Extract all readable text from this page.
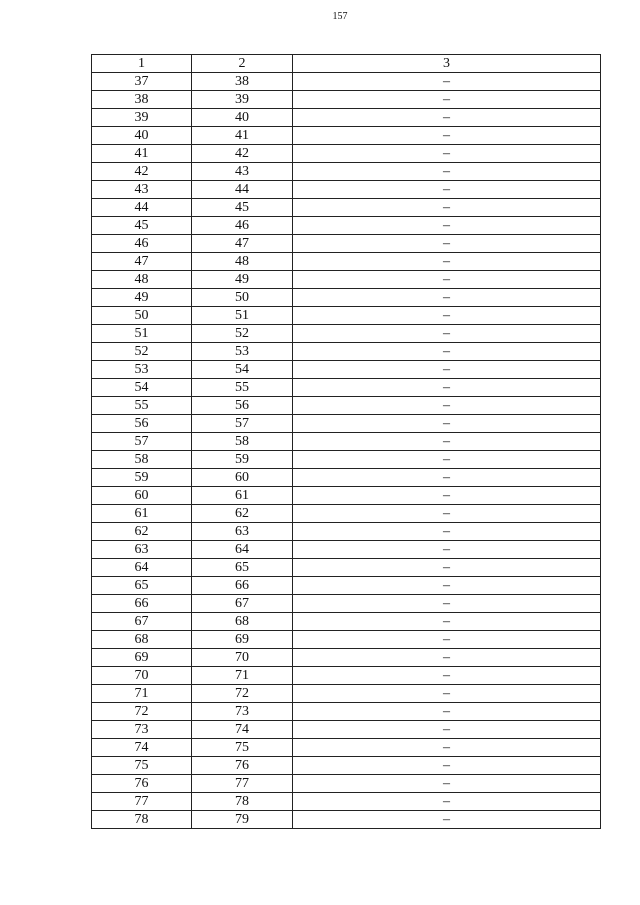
157
1	2	3
37	38	–
38	39	–
39	40	–
40	41	–
41	42	–
42	43	–
43	44	–
44	45	–
45	46	–
46	47	–
47	48	–
48	49	–
49	50	–
50	51	–
51	52	–
52	53	–
53	54	–
54	55	–
55	56	–
56	57	–
57	58	–
58	59	–
59	60	–
60	61	–
61	62	–
62	63	–
63	64	–
64	65	–
65	66	–
66	67	–
67	68	–
68	69	–
69	70	–
70	71	–
71	72	–
72	73	–
73	74	–
74	75	–
75	76	–
76	77	–
77	78	–
78	79	–
